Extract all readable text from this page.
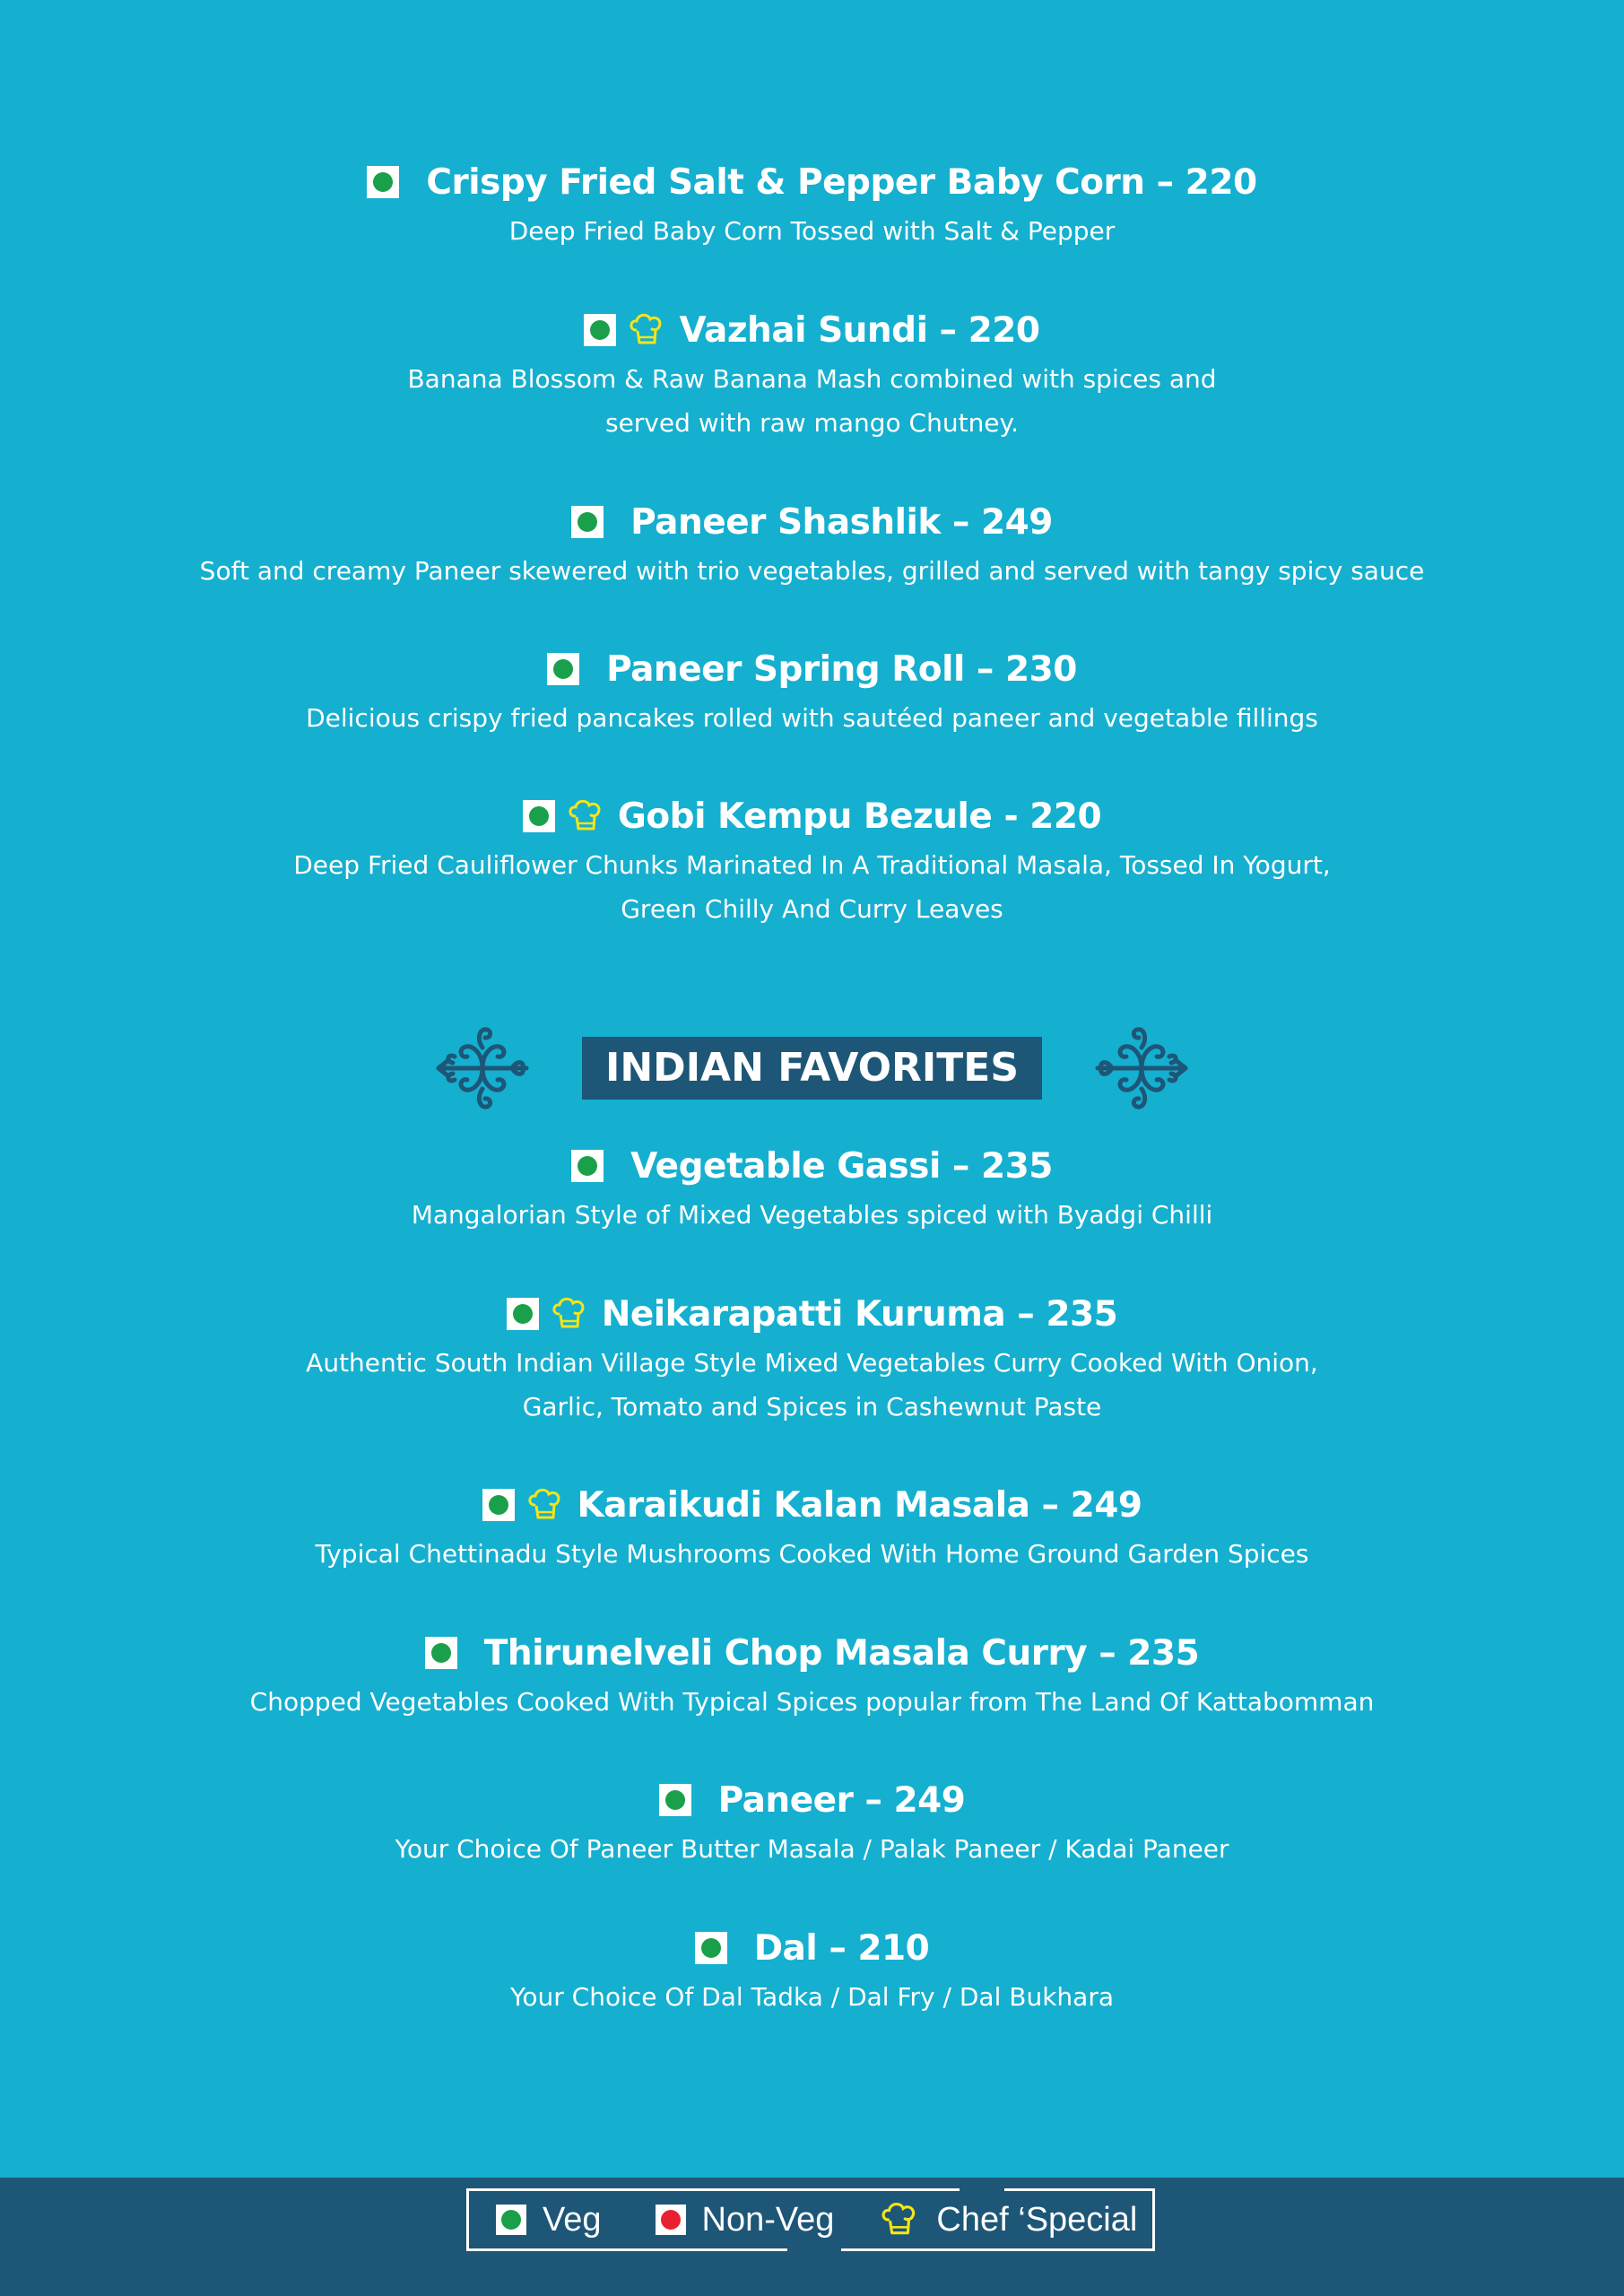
Crispy Fried Salt & Pepper Baby Corn – 220
Deep Fried Baby Corn Tossed with Salt & Pepper
Vazhai Sundi – 220
Banana Blossom & Raw Banana Mash combined with spices and
served with raw mango Chutney.
Paneer Shashlik – 249
Soft and creamy Paneer skewered with trio vegetables, grilled and served with tangy spicy sauce
Paneer Spring Roll – 230
Delicious crispy fried pancakes rolled with sautéed paneer and vegetable fillings
Gobi Kempu Bezule - 220
Deep Fried Cauliflower Chunks Marinated In A Traditional Masala, Tossed In Yogurt,
Green Chilly And Curry Leaves
INDIAN FAVORITES
Vegetable Gassi – 235
Mangalorian Style of Mixed Vegetables spiced with Byadgi Chilli
Neikarapatti Kuruma – 235
Authentic South Indian Village Style Mixed Vegetables Curry Cooked With Onion,
Garlic, Tomato and Spices in Cashewnut Paste
Karaikudi Kalan Masala – 249
Typical Chettinadu Style Mushrooms Cooked With Home Ground Garden Spices
Thirunelveli Chop Masala Curry – 235
Chopped Vegetables Cooked With Typical Spices popular from The Land Of Kattabomman
Paneer – 249
Your Choice Of Paneer Butter Masala / Palak Paneer / Kadai Paneer
Dal – 210
Your Choice Of Dal Tadka / Dal Fry / Dal Bukhara
Veg	Non-Veg	Chef ‘Special
